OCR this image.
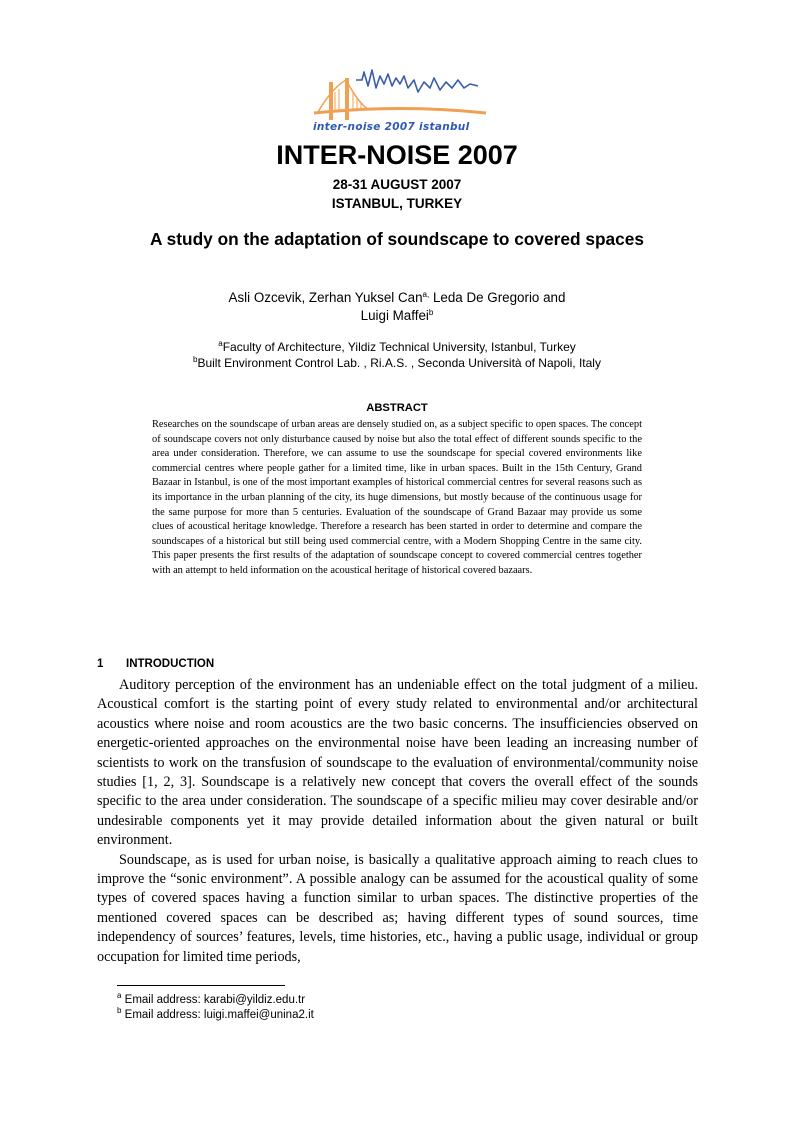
inter-noise 2007 istanbul
INTER-NOISE 2007
28-31 AUGUST 2007
ISTANBUL, TURKEY
A study on the adaptation of soundscape to covered spaces
Asli Ozcevik, Zerhan Yuksel Can$^{a,}$ Leda De Gregorio and
Luigi Maffei$^b$
$^a$Faculty of Architecture, Yildiz Technical University, Istanbul, Turkey
$^b$Built Environment Control Lab. , Ri.A.S. , Seconda Università of Napoli, Italy
ABSTRACT
Researches on the soundscape of urban areas are densely studied on, as a subject specific to open spaces. The concept of soundscape covers not only disturbance caused by noise but also the total effect of different sounds specific to the area under consideration. Therefore, we can assume to use the soundscape for special covered environments like commercial centres where people gather for a limited time, like in urban spaces. Built in the 15th Century, Grand Bazaar in Istanbul, is one of the most important examples of historical commercial centres for several reasons such as its importance in the urban planning of the city, its huge dimensions, but mostly because of the continuous usage for the same purpose for more than 5 centuries. Evaluation of the soundscape of Grand Bazaar may provide us some clues of acoustical heritage knowledge. Therefore a research has been started in order to determine and compare the soundscapes of a historical but still being used commercial centre, with a Modern Shopping Centre in the same city. This paper presents the first results of the adaptation of soundscape concept to covered commercial centres together with an attempt to held information on the acoustical heritage of historical covered bazaars.
1 INTRODUCTION

Auditory perception of the environment has an undeniable effect on the total judgment of a milieu. Acoustical comfort is the starting point of every study related to environmental and/or architectural acoustics where noise and room acoustics are the two basic concerns. The insufficiencies observed on energetic-oriented approaches on the environmental noise have been leading an increasing number of scientists to work on the transfusion of soundscape to the evaluation of environmental/community noise studies [1, 2, 3]. Soundscape is a relatively new concept that covers the overall effect of the sounds specific to the area under consideration. The soundscape of a specific milieu may cover desirable and/or undesirable components yet it may provide detailed information about the given natural or built environment.

Soundscape, as is used for urban noise, is basically a qualitative approach aiming to reach clues to improve the “sonic environment”. A possible analogy can be assumed for the acoustical quality of some types of covered spaces having a function similar to urban spaces. The distinctive properties of the mentioned covered spaces can be described as; having different types of sound sources, time independency of sources’ features, levels, time histories, etc., having a public usage, individual or group occupation for limited time periods,

$^a$ Email address: karabi@yildiz.edu.tr
$^b$ Email address: luigi.maffei@unina2.it
